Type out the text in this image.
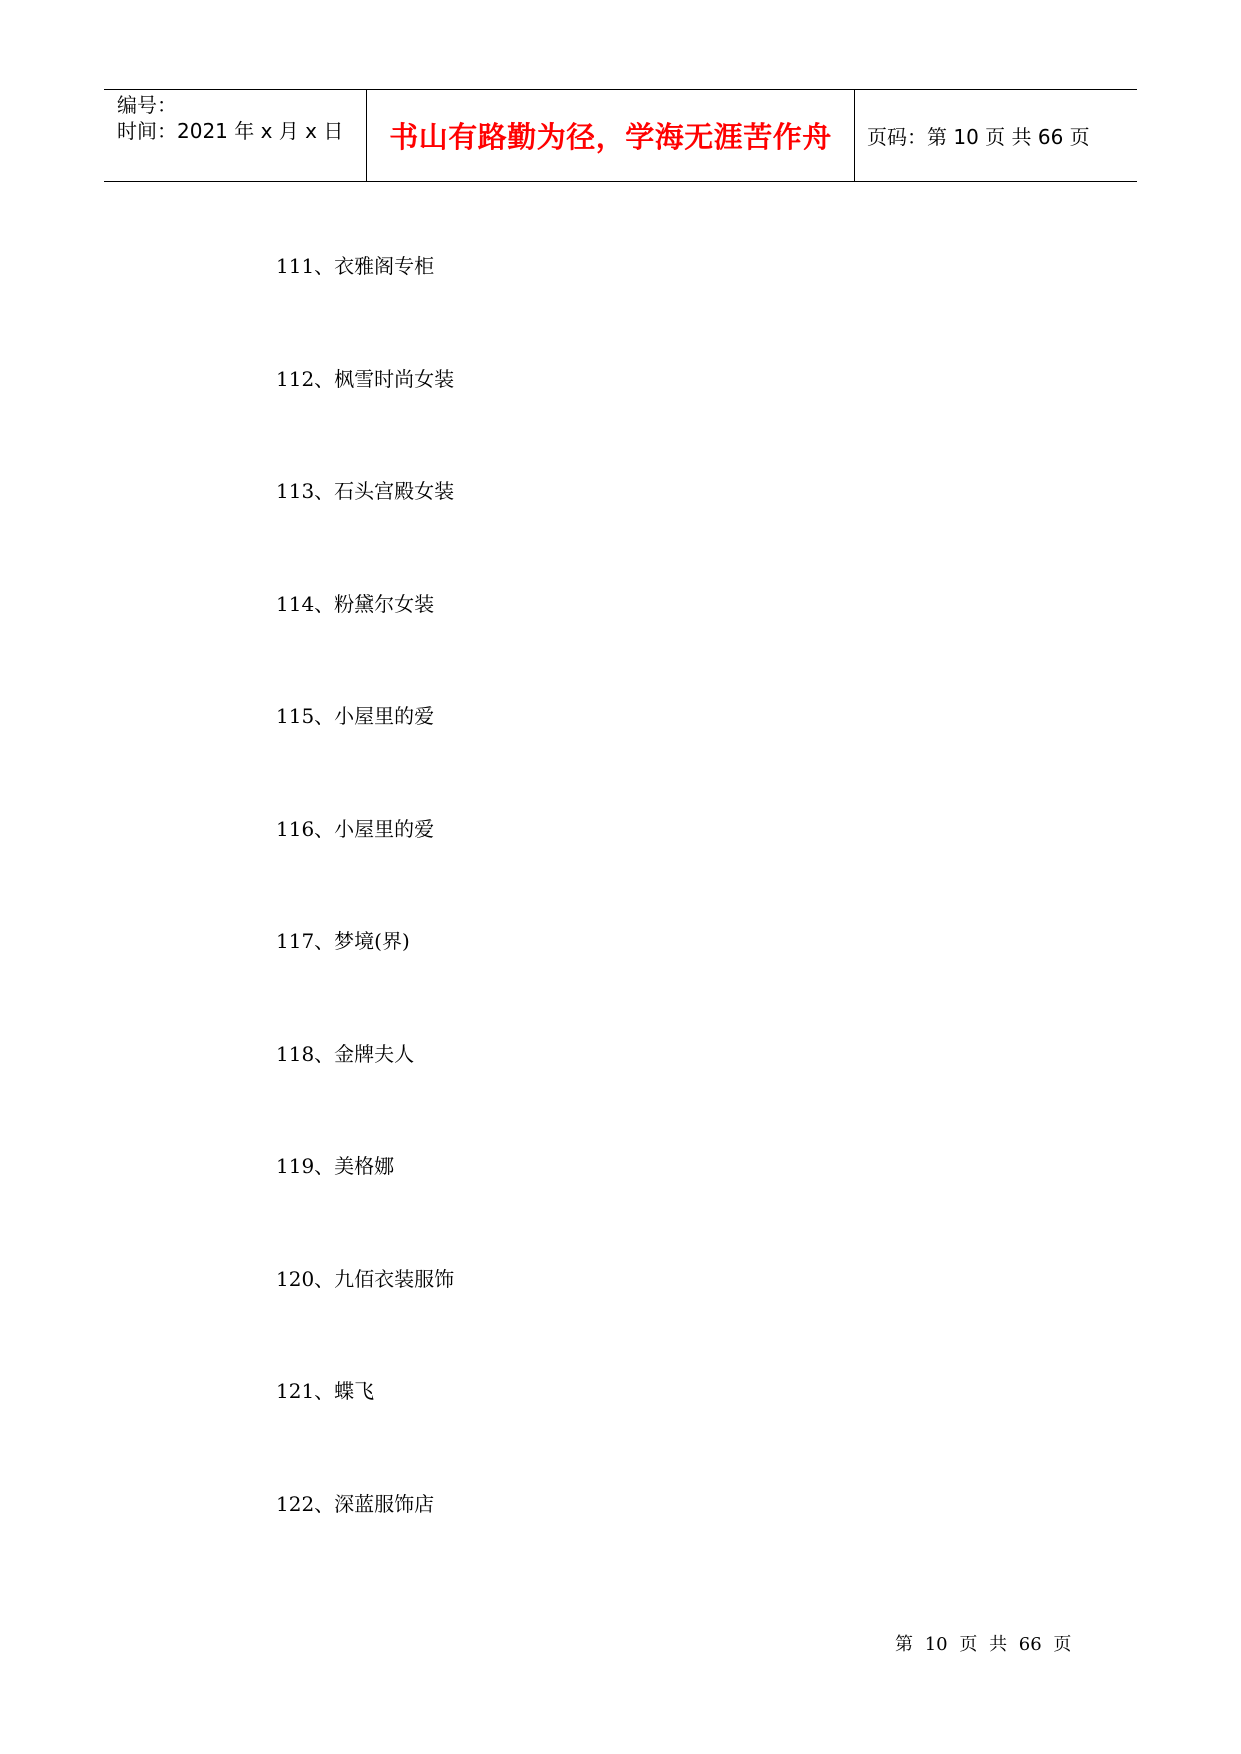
编号：
时间：2021 年 x 月 x 日 书山有路勤为径，学海无涯苦作舟 页码：第 10 页 共 66 页
111、衣雅阁专柜
112、枫雪时尚女装
113、石头宫殿女装
114、粉黛尔女装
115、小屋里的爱
116、小屋里的爱
117、梦境(界)
118、金牌夫人
119、美格娜
120、九佰衣装服饰
121、蝶飞
122、深蓝服饰店
第 10 页 共 66 页
